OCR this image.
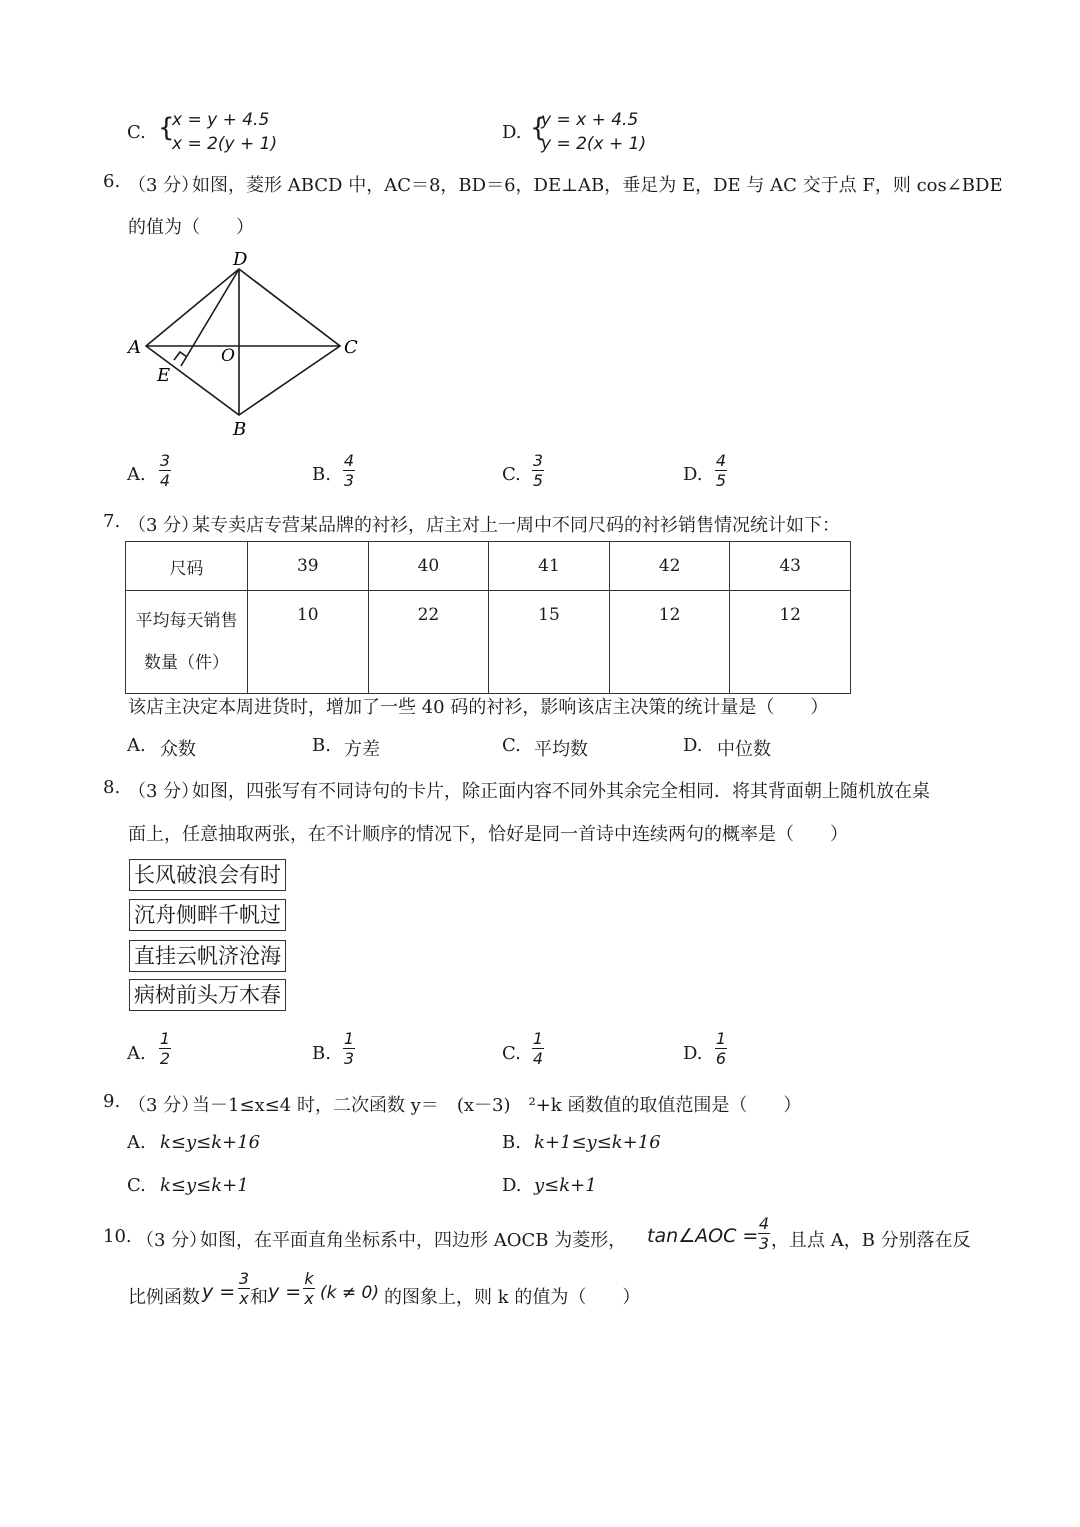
C. {
x = y + 4.5
x = 2(y + 1)
D. {
y = x + 4.5
y = 2(x + 1)
6. （3 分）
如图，菱形 ABCD 中，AC＝8，BD＝6，DE⊥AB，垂足为 E，DE 与 AC 交于点 F，则 cos∠BDE
的值为（　　）
D
A	O	C
E
B
A.
3
4	B.
4
3	C.
3
5	D.
4
5
7. （3 分）
某专卖店专营某品牌的衬衫，店主对上一周中不同尺码的衬衫销售情况统计如下：
尺码	39	40	41	42	43

平均每天销售
数量（件）	10	22	15	12	12
该店主决定本周进货时，增加了一些 40 码的衬衫，影响该店主决策的统计量是（　　）
A. 众数	B. 方差	C. 平均数	D. 中位数
8. （3 分）
如图，四张写有不同诗句的卡片，除正面内容不同外其余完全相同．将其背面朝上随机放在桌
面上，任意抽取两张，在不计顺序的情况下，恰好是同一首诗中连续两句的概率是（　　）
长风破浪会有时
沉舟侧畔千帆过
直挂云帆济沧海
病树前头万木春
A.
1
2	B.
1
3	C.
1
4	D.
1
6
9. （3 分）
当－1≤x≤4 时，二次函数 y＝　(x－3)　²+k 函数值的取值范围是（　　）
A. k≤y≤k+16	B. k+1≤y≤k+16
C. k≤y≤k+1	D. y≤k+1
10. （3 分）
如图，在平面直角坐标系中，四边形 AOCB 为菱形， tan∠AOC =
4
3 ，且点 A，B 分别落在反
比例函数 y =
3
x 和 y =
k
x (k ≠ 0) 的图象上，则 k 的值为（　　）
